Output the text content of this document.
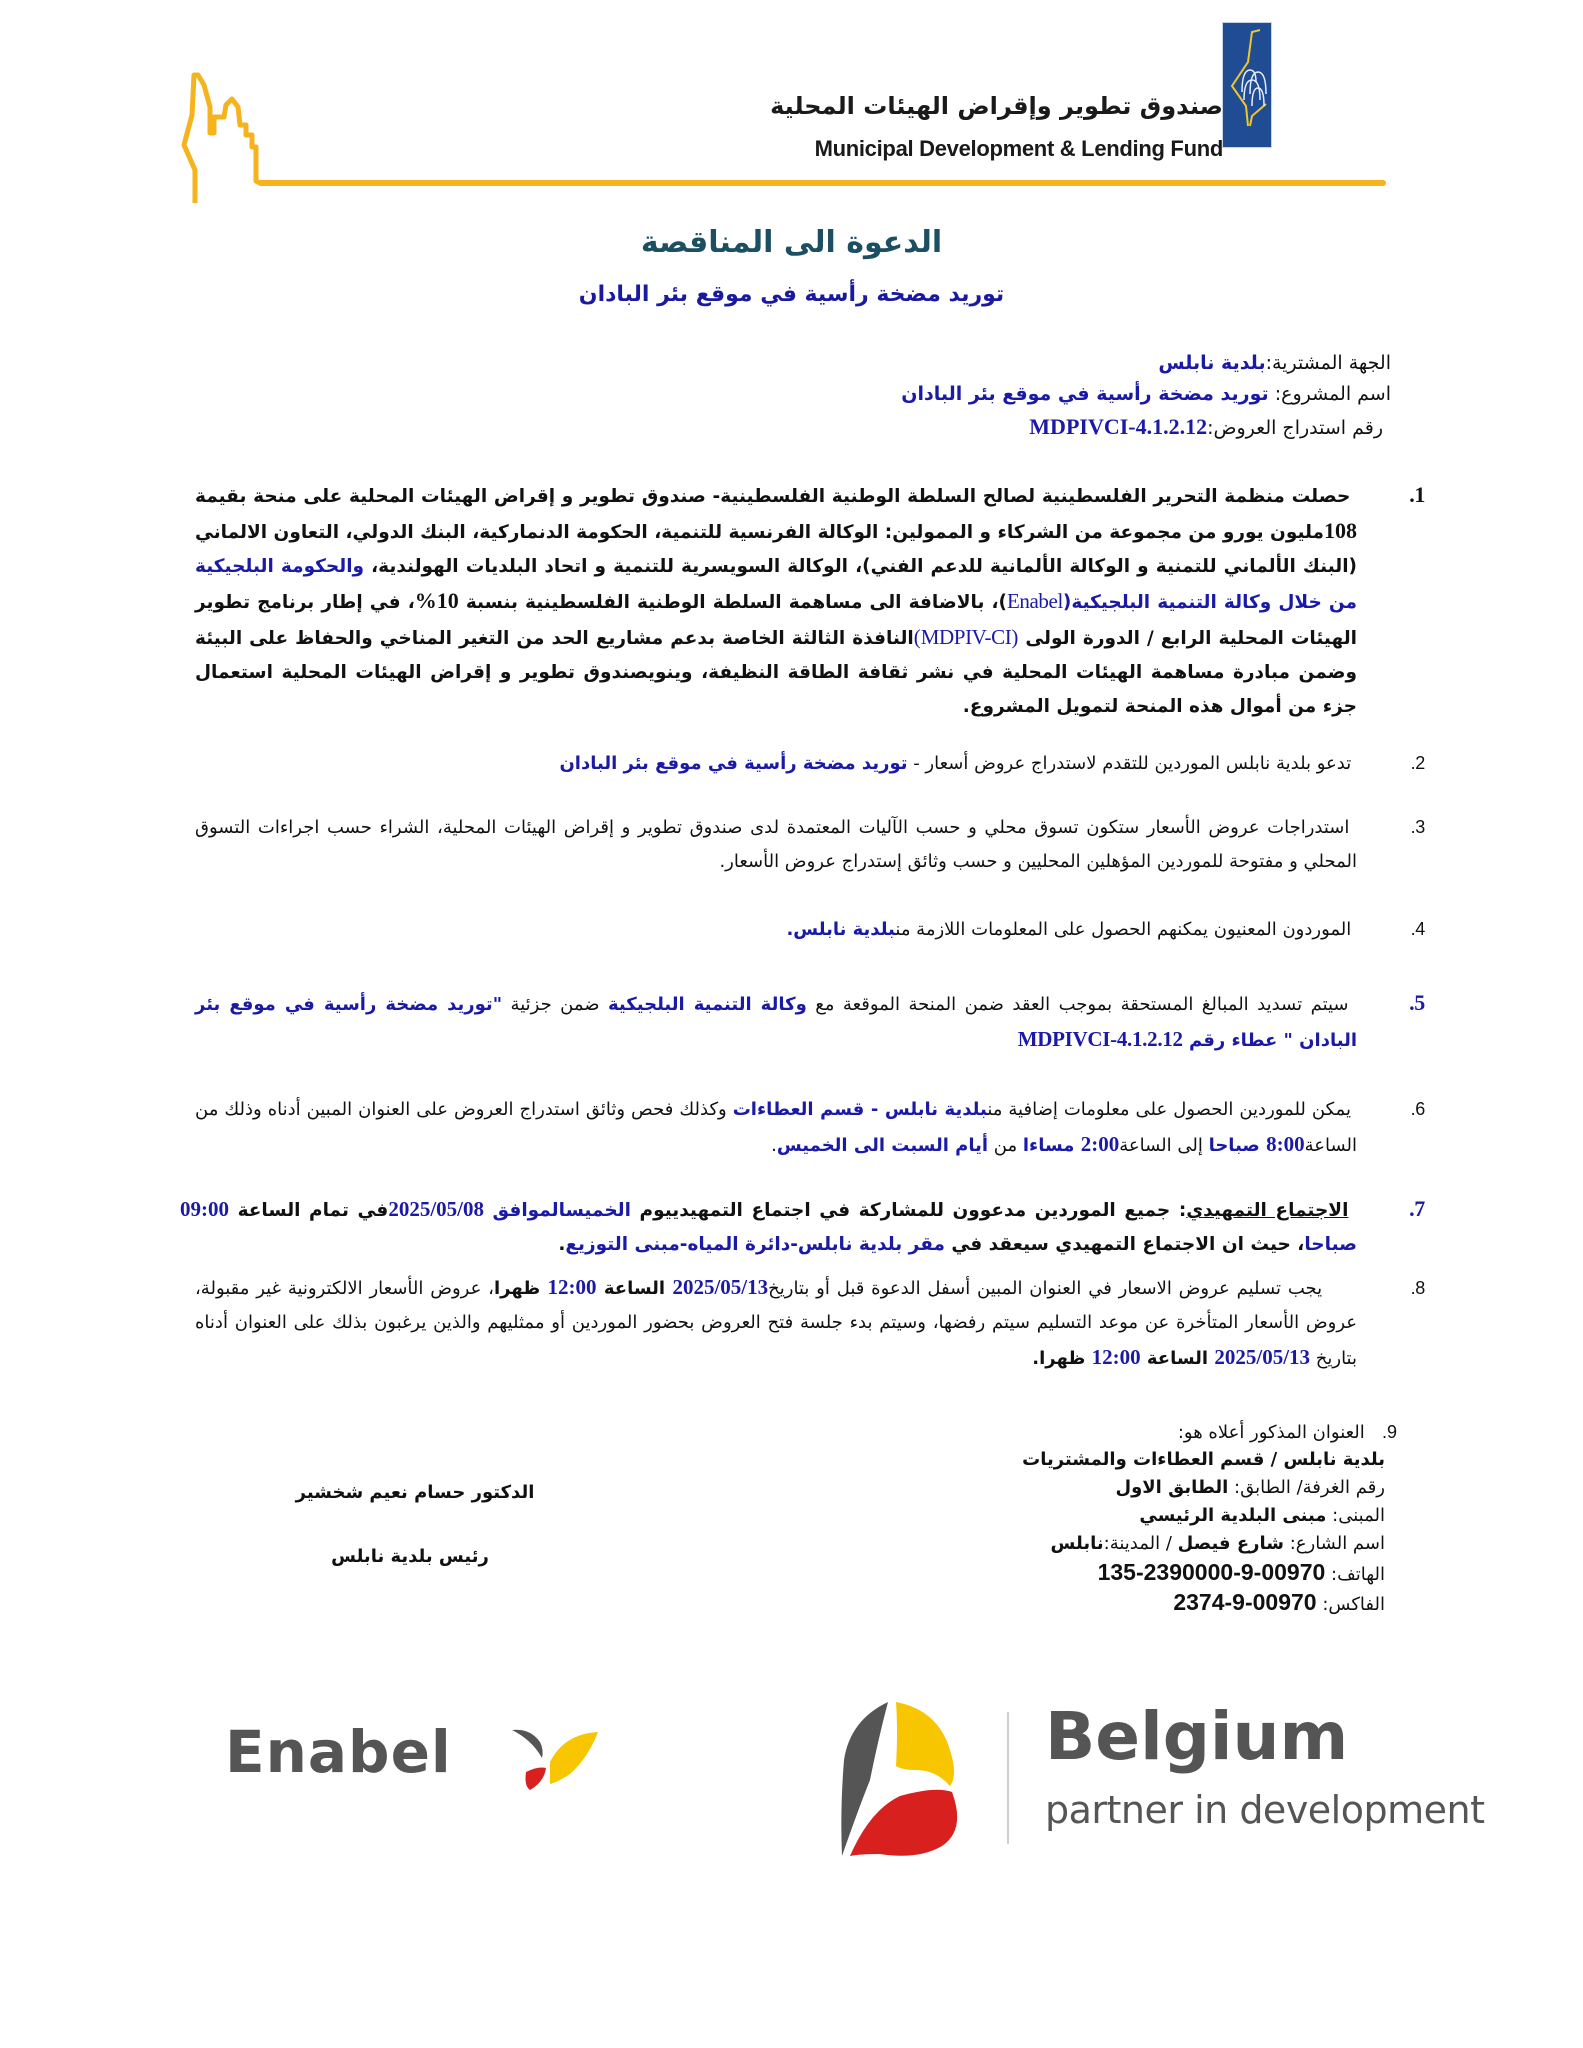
صندوق تطوير وإقراض الهيئات المحلية
Municipal Development & Lending Fund
الدعوة الى المناقصة
توريد مضخة رأسية في موقع بئر البادان
الجهة المشترية:بلدية نابلس
اسم المشروع: توريد مضخة رأسية في موقع بئر البادان
رقم استدراج العروض:MDPIVCI-4.1.2.12
1. حصلت منظمة التحرير الفلسطينية لصالح السلطة الوطنية الفلسطينية- صندوق تطوير و إقراض الهيئات المحلية على منحة بقيمة 108مليون يورو من مجموعة من الشركاء و الممولين: الوكالة الفرنسية للتنمية، الحكومة الدنماركية، البنك الدولي، التعاون الالماني (البنك الألماني للتمنية و الوكالة الألمانية للدعم الفني)، الوكالة السويسرية للتنمية و اتحاد البلديات الهولندية، والحكومة البلجيكية من خلال وكالة التنمية البلجيكية(Enabel)، بالاضافة الى مساهمة السلطة الوطنية الفلسطينية بنسبة 10%، في إطار برنامج تطوير الهيئات المحلية الرابع / الدورة الولى (MDPIV-CI)النافذة الثالثة الخاصة بدعم مشاريع الحد من التغير المناخي والحفاظ على البيئة وضمن مبادرة مساهمة الهيئات المحلية في نشر ثقافة الطاقة النظيفة، وينويصندوق تطوير و إقراض الهيئات المحلية استعمال جزء من أموال هذه المنحة لتمويل المشروع.
2. تدعو بلدية نابلس الموردين للتقدم لاستدراج عروض أسعار - توريد مضخة رأسية في موقع بئر البادان
3. استدراجات عروض الأسعار ستكون تسوق محلي و حسب الآليات المعتمدة لدى صندوق تطوير و إقراض الهيئات المحلية، الشراء حسب اجراءات التسوق المحلي و مفتوحة للموردين المؤهلين المحليين و حسب وثائق إستدراج عروض الأسعار.
4. الموردون المعنيون يمكنهم الحصول على المعلومات اللازمة منبلدية نابلس.
5. سيتم تسديد المبالغ المستحقة بموجب العقد ضمن المنحة الموقعة مع وكالة التنمية البلجيكية ضمن جزئية "توريد مضخة رأسية في موقع بئر البادان " عطاء رقم MDPIVCI-4.1.2.12
6. يمكن للموردين الحصول على معلومات إضافية منبلدية نابلس - قسم العطاءات وكذلك فحص وثائق استدراج العروض على العنوان المبين أدناه وذلك من الساعة8:00 صباحا إلى الساعة2:00 مساءا من أيام السبت الى الخميس.
7. الاجتماع التمهيدي: جميع الموردين مدعوون للمشاركة في اجتماع التمهيدييوم الخميسالموافق 2025/05/08في تمام الساعة 09:00 صباحا، حيث ان الاجتماع التمهيدي سيعقد في مقر بلدية نابلس-دائرة المياه-مبنى التوزيع.
8. يجب تسليم عروض الاسعار في العنوان المبين أسفل الدعوة قبل أو بتاريخ2025/05/13 الساعة 12:00 ظهرا، عروض الأسعار الالكترونية غير مقبولة، عروض الأسعار المتأخرة عن موعد التسليم سيتم رفضها، وسيتم بدء جلسة فتح العروض بحضور الموردين أو ممثليهم والذين يرغبون بذلك على العنوان أدناه بتاريخ 2025/05/13 الساعة 12:00 ظهرا.
9.   العنوان المذكور أعلاه هو:
بلدية نابلس / قسم العطاءات والمشتريات
رقم الغرفة/ الطابق: الطابق الاول
المبنى: مبنى البلدية الرئيسي
اسم الشارع: شارع فيصل / المدينة:نابلس
الهاتف: 00970-9-2390000-135
الفاكس: 00970-9-2374
الدكتور حسام نعيم شخشير
رئيس بلدية نابلس
Enabel	Belgium
partner in development
